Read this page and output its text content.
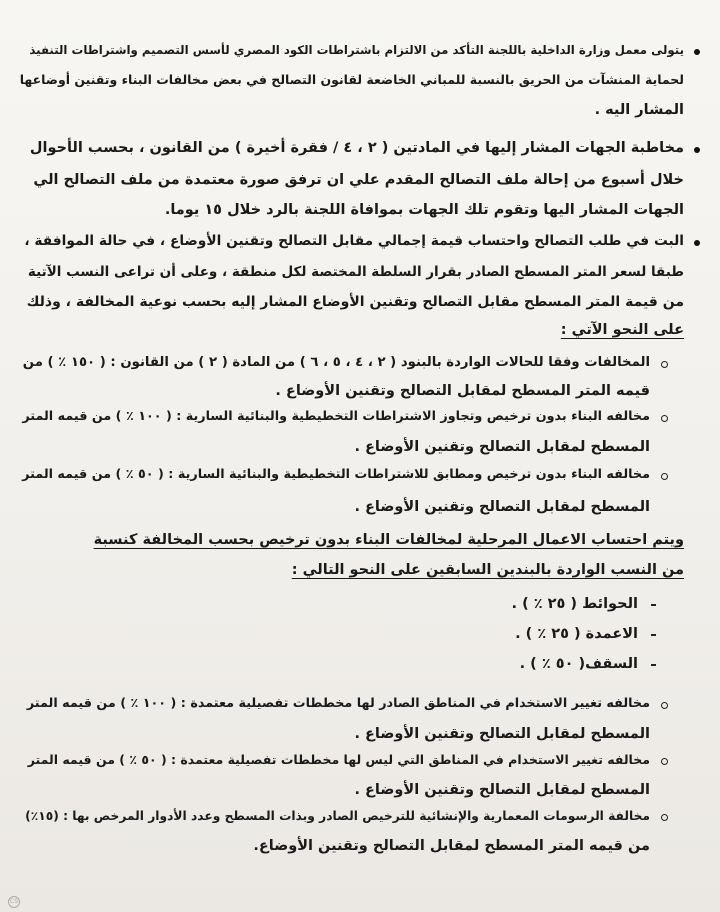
يتولى معمل وزارة الداخلية باللجنة التأكد من الالتزام باشتراطات الكود المصري لأسس التصميم واشتراطات التنفيذ
لحماية المنشآت من الحريق بالنسبة للمباني الخاضعة لقانون التصالح في بعض مخالفات البناء وتقنين أوضاعها
المشار اليه .
مخاطبة الجهات المشار إليها في المادتين ( ٢ ، ٤ / فقرة أخيرة ) من القانون ، بحسب الأحوال
خلال أسبوع من إحالة ملف التصالح المقدم علي ان ترفق صورة معتمدة من ملف التصالح الي
الجهات المشار اليها وتقوم تلك الجهات بموافاة اللجنة بالرد خلال ١٥ يوما.
البت في طلب التصالح واحتساب قيمة إجمالي مقابل التصالح وتقنين الأوضاع ، في حالة الموافقة ،
طبقا لسعر المتر المسطح الصادر بقرار السلطة المختصة لكل منطقة ، وعلى أن تراعى النسب الآتية
من قيمة المتر المسطح مقابل التصالح وتقنين الأوضاع المشار إليه بحسب نوعية المخالفة ، وذلك
على النحو الآتي :
المخالفات وفقا للحالات الواردة بالبنود ( ٢ ، ٤ ، ٥ ، ٦ ) من المادة ( ٢ ) من القانون : ( ١٥٠ ٪ ) من
قيمه المتر المسطح لمقابل التصالح وتقنين الأوضاع .
مخالفه البناء بدون ترخيص وتجاوز الاشتراطات التخطيطية والبنائية السارية : ( ١٠٠ ٪ ) من قيمه المتر
المسطح لمقابل التصالح وتقنين الأوضاع .
مخالفه البناء بدون ترخيص ومطابق للاشتراطات التخطيطية والبنائية السارية : ( ٥٠ ٪ ) من قيمه المتر
المسطح لمقابل التصالح وتقنين الأوضاع .
ويتم احتساب الاعمال المرحلية لمخالفات البناء بدون ترخيص بحسب المخالفة كنسبة
من النسب الواردة بالبندين السابقين على النحو التالي :
الحوائط ( ٢٥ ٪ ) .
الاعمدة ( ٢٥ ٪ ) .
السقف( ٥٠ ٪ ) .
مخالفه تغيير الاستخدام في المناطق الصادر لها مخططات تفصيلية معتمدة : ( ١٠٠ ٪ ) من قيمه المتر
المسطح لمقابل التصالح وتقنين الأوضاع .
مخالفه تغيير الاستخدام في المناطق التي ليس لها مخططات تفصيلية معتمدة : ( ٥٠ ٪ ) من قيمه المتر
المسطح لمقابل التصالح وتقنين الأوضاع .
مخالفة الرسومات المعمارية والإنشائية للترخيص الصادر وبذات المسطح وعدد الأدوار المرخص بها : (١٥٪)
من قيمه المتر المسطح لمقابل التصالح وتقنين الأوضاع.
CS
